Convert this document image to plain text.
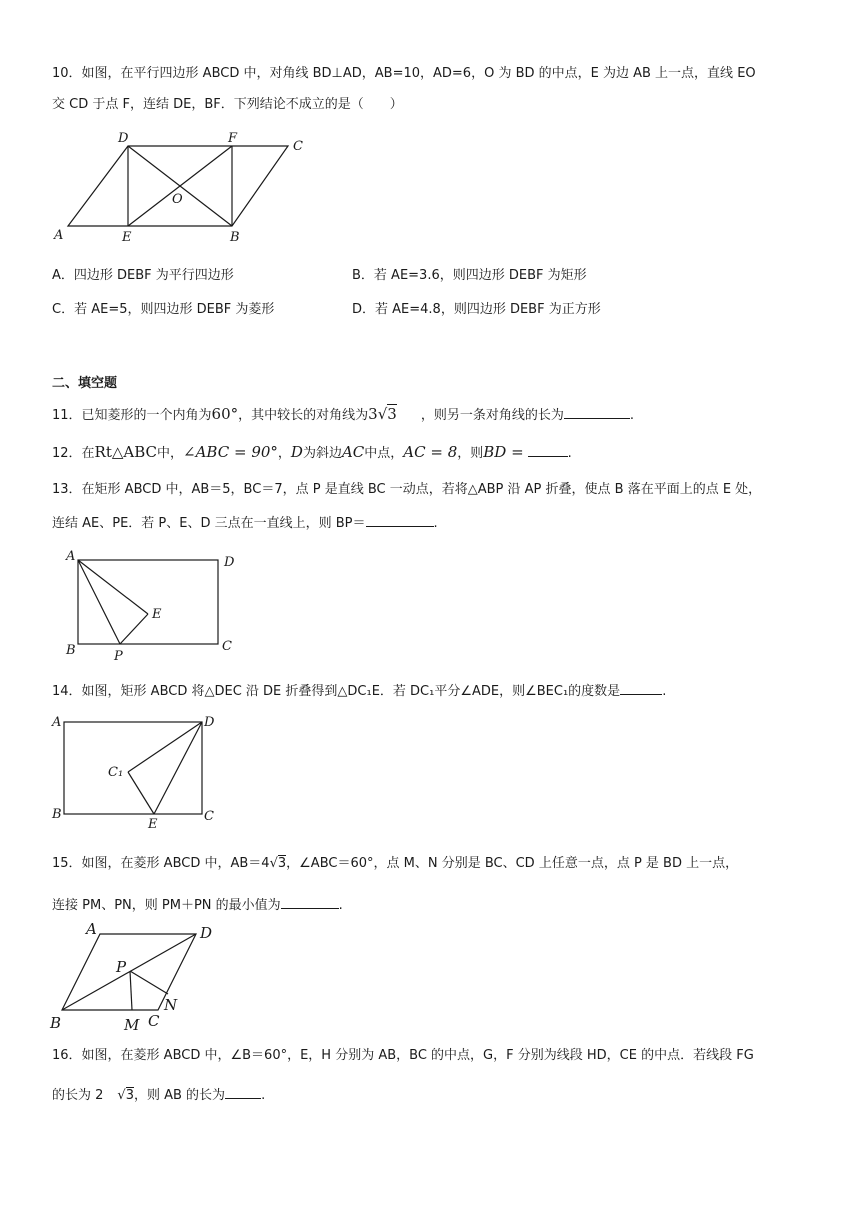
10．如图，在平行四边形 ABCD 中，对角线 BD⊥AD，AB=10，AD=6，O 为 BD 的中点，E 为边 AB 上一点，直线 EO
交 CD 于点 F，连结 DE，BF．下列结论不成立的是（　　）
A
D	F
C
O
E	B
A．四边形 DEBF 为平行四边形	B．若 AE=3.6，则四边形 DEBF 为矩形
C．若 AE=5，则四边形 DEBF 为菱形	D．若 AE=4.8，则四边形 DEBF 为正方形
二、填空题
11．已知菱形的一个内角为60°，其中较长的对角线为3√3 ，则另一条对角线的长为	.
12．在Rt△ABC中，∠ABC = 90°，D为斜边AC中点，AC = 8，则BD =	.
13．在矩形 ABCD 中，AB＝5，BC＝7，点 P 是直线 BC 一动点，若将△ABP 沿 AP 折叠，使点 B 落在平面上的点 E 处，
连结 AE、PE．若 P、E、D 三点在一直线上，则 BP＝	.
A	D
E
B	C
P
14．如图，矩形 ABCD 将△DEC 沿 DE 折叠得到△DC₁E．若 DC₁平分∠ADE，则∠BEC₁的度数是	.
A	D
C₁
B
E
C
15．如图，在菱形 ABCD 中，AB＝4√3，∠ABC＝60°，点 M、N 分别是 BC、CD 上任意一点，点 P 是 BD 上一点，
连接 PM、PN，则 PM＋PN 的最小值为	.
A	D
P
N
B	M C
16．如图，在菱形 ABCD 中，∠B＝60°，E，H 分别为 AB，BC 的中点，G，F 分别为线段 HD，CE 的中点．若线段 FG
的长为 2 √3，则 AB 的长为	.
